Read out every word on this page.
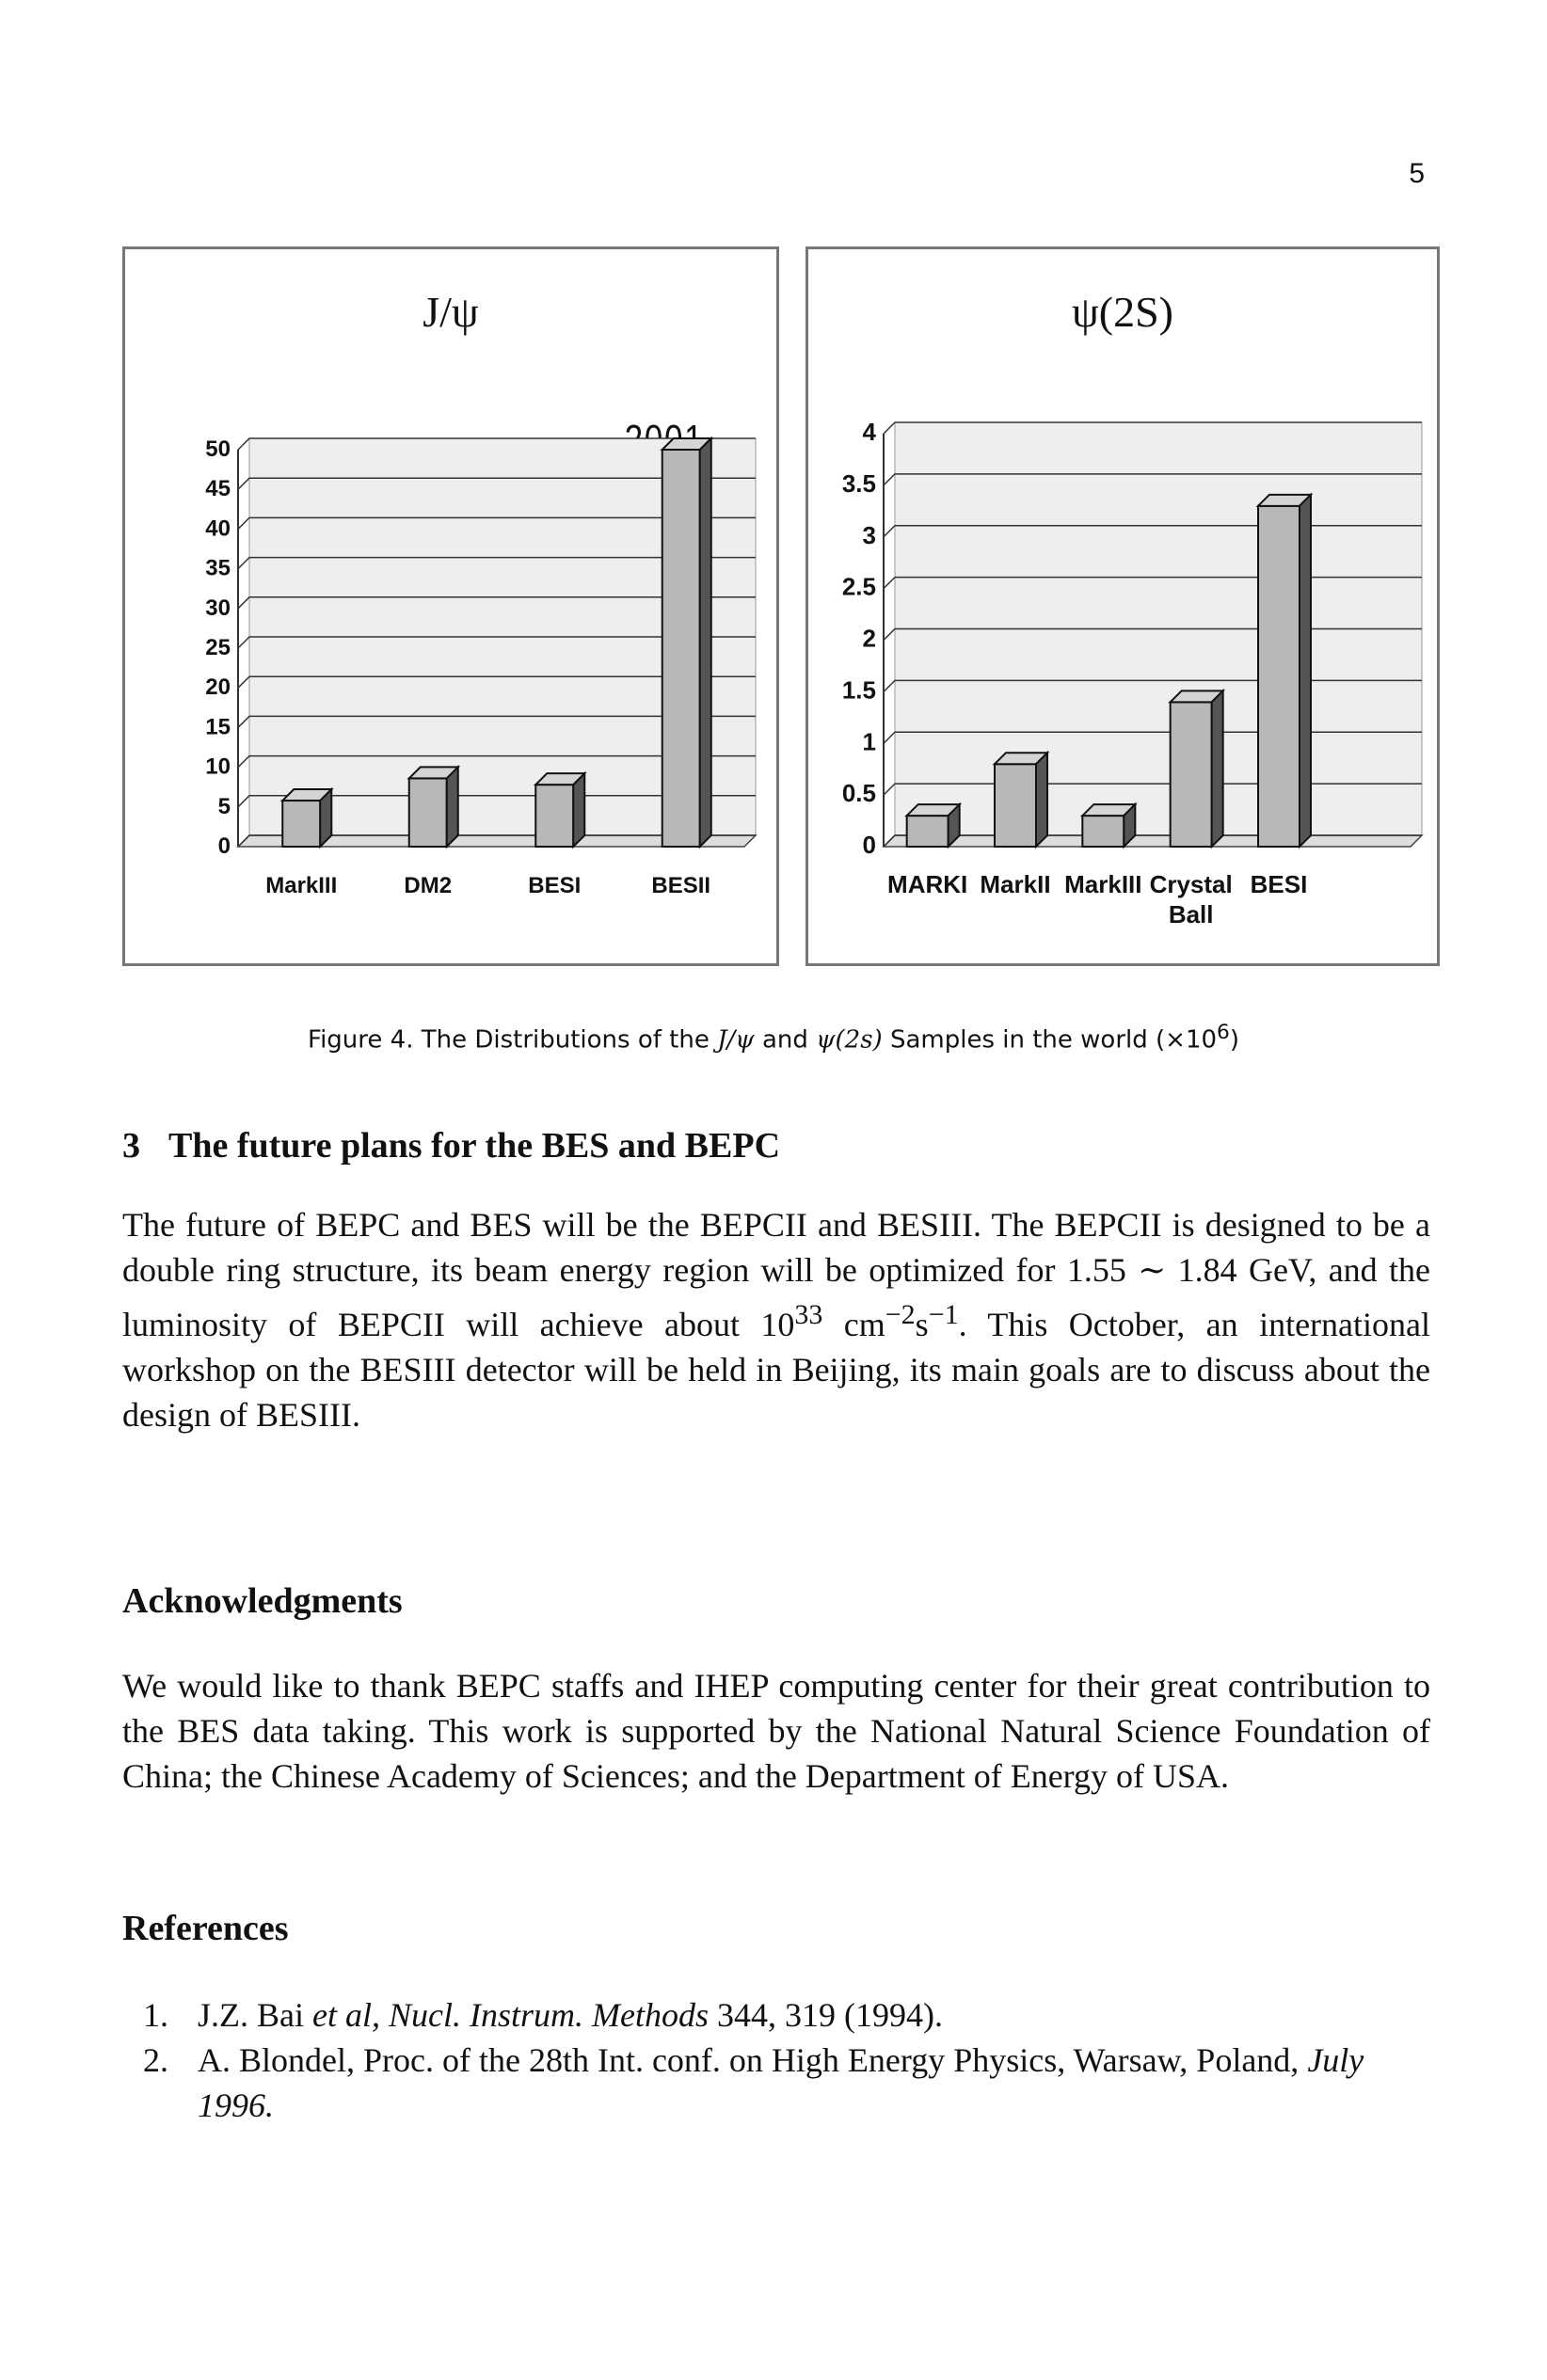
5
J/ψ
0
5
10
15
20
25
30
35
40
45
50
MarkIII	DM2	BESI	BESII
ψ(2S)
0
0.5
1
1.5
2
2.5
3
3.5
4
MARKI MarkII MarkIII Crystal
Ball
BESI
Figure 4. The Distributions of the J/ψ and ψ(2s) Samples in the world $(\times 10^6)$
3 The future plans for the BES and BEPC
The future of BEPC and BES will be the BEPCII and BESIII. The BEPCII is designed to be a double ring structure, its beam energy region will be optimized for 1.55 ∼ 1.84 GeV, and the luminosity of BEPCII will achieve about $10^{33}$ $cm^{-2}s^{-1}$. This October, an international workshop on the BESIII detector will be held in Beijing, its main goals are to discuss about the design of BESIII.
Acknowledgments
We would like to thank BEPC staffs and IHEP computing center for their great contribution to the BES data taking. This work is supported by the National Natural Science Foundation of China; the Chinese Academy of Sciences; and the Department of Energy of USA.
References
1. J.Z. Bai et al, Nucl. Instrum. Methods 344, 319 (1994).
2. A. Blondel, Proc. of the 28th Int. conf. on High Energy Physics, Warsaw, Poland, July 1996.
